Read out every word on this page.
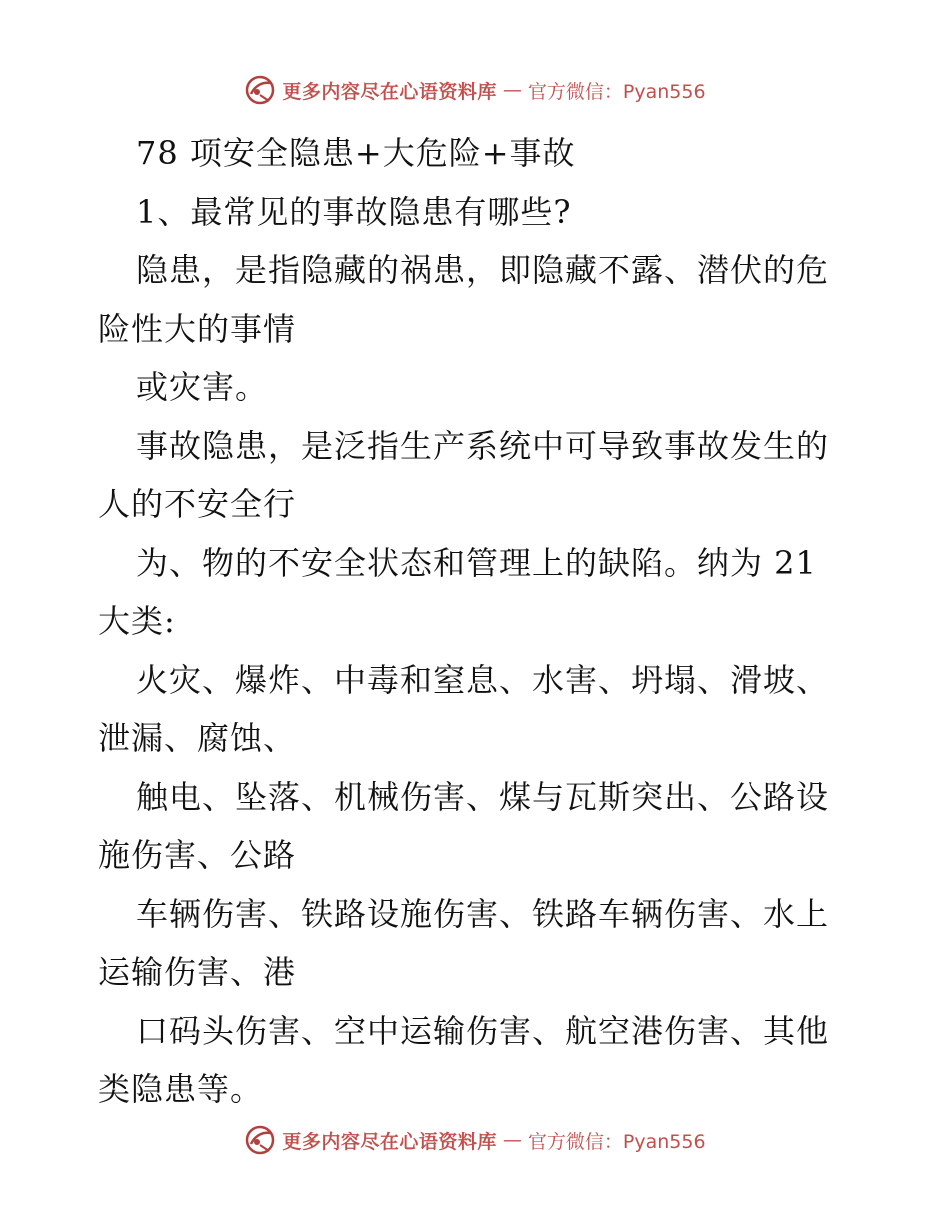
更多内容尽在心语资料库 — 官方微信：Pyan556
78 项安全隐患+大危险+事故
1、最常见的事故隐患有哪些?
隐患，是指隐藏的祸患，即隐藏不露、潜伏的危
险性大的事情
或灾害。
事故隐患，是泛指生产系统中可导致事故发生的
人的不安全行
为、物的不安全状态和管理上的缺陷。纳为 21
大类:
火灾、爆炸、中毒和窒息、水害、坍塌、滑坡、
泄漏、腐蚀、
触电、坠落、机械伤害、煤与瓦斯突出、公路设
施伤害、公路
车辆伤害、铁路设施伤害、铁路车辆伤害、水上
运输伤害、港
口码头伤害、空中运输伤害、航空港伤害、其他
类隐患等。
更多内容尽在心语资料库 — 官方微信：Pyan556
